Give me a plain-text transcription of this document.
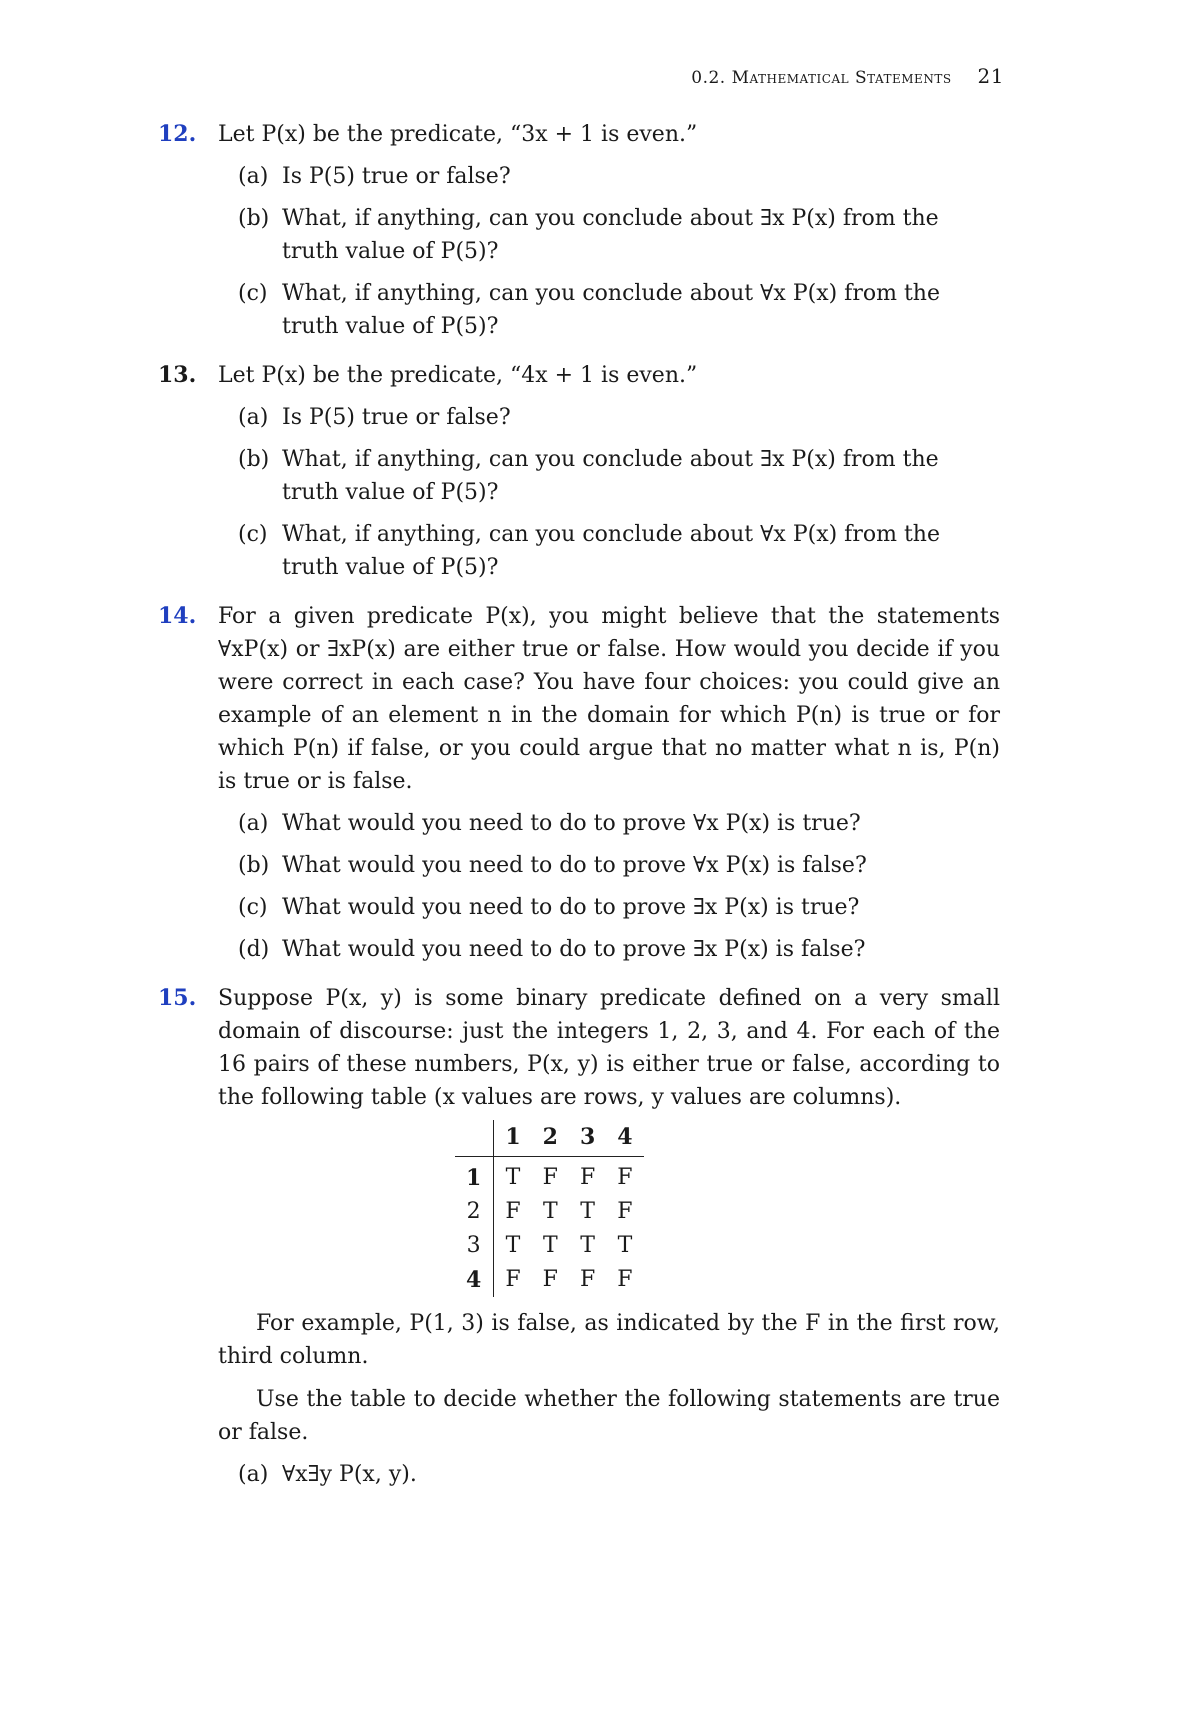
0.2. Mathematical Statements 21
12. Let P(x) be the predicate, “3x + 1 is even.”

(a) Is P(5) true or false?
(b) What, if anything, can you conclude about ∃x P(x) from the truth value of P(5)?
(c) What, if anything, can you conclude about ∀x P(x) from the truth value of P(5)?
13. Let P(x) be the predicate, “4x + 1 is even.”

(a) Is P(5) true or false?
(b) What, if anything, can you conclude about ∃x P(x) from the truth value of P(5)?
(c) What, if anything, can you conclude about ∀x P(x) from the truth value of P(5)?
14. For a given predicate P(x), you might believe that the statements ∀xP(x) or ∃xP(x) are either true or false. How would you decide if you were correct in each case? You have four choices: you could give an example of an element n in the domain for which P(n) is true or for which P(n) if false, or you could argue that no matter what n is, P(n) is true or is false.

(a) What would you need to do to prove ∀x P(x) is true?
(b) What would you need to do to prove ∀x P(x) is false?
(c) What would you need to do to prove ∃x P(x) is true?
(d) What would you need to do to prove ∃x P(x) is false?
15. Suppose P(x, y) is some binary predicate defined on a very small domain of discourse: just the integers 1, 2, 3, and 4. For each of the 16 pairs of these numbers, P(x, y) is either true or false, according to the following table (x values are rows, y values are columns).

	1	2	3	4
1	T	F	F	F
2	F	T	T	F
3	T	T	T	T
4	F	F	F	F

For example, P(1, 3) is false, as indicated by the F in the first row, third column.

Use the table to decide whether the following statements are true or false.

(a) ∀x∃y P(x, y).
